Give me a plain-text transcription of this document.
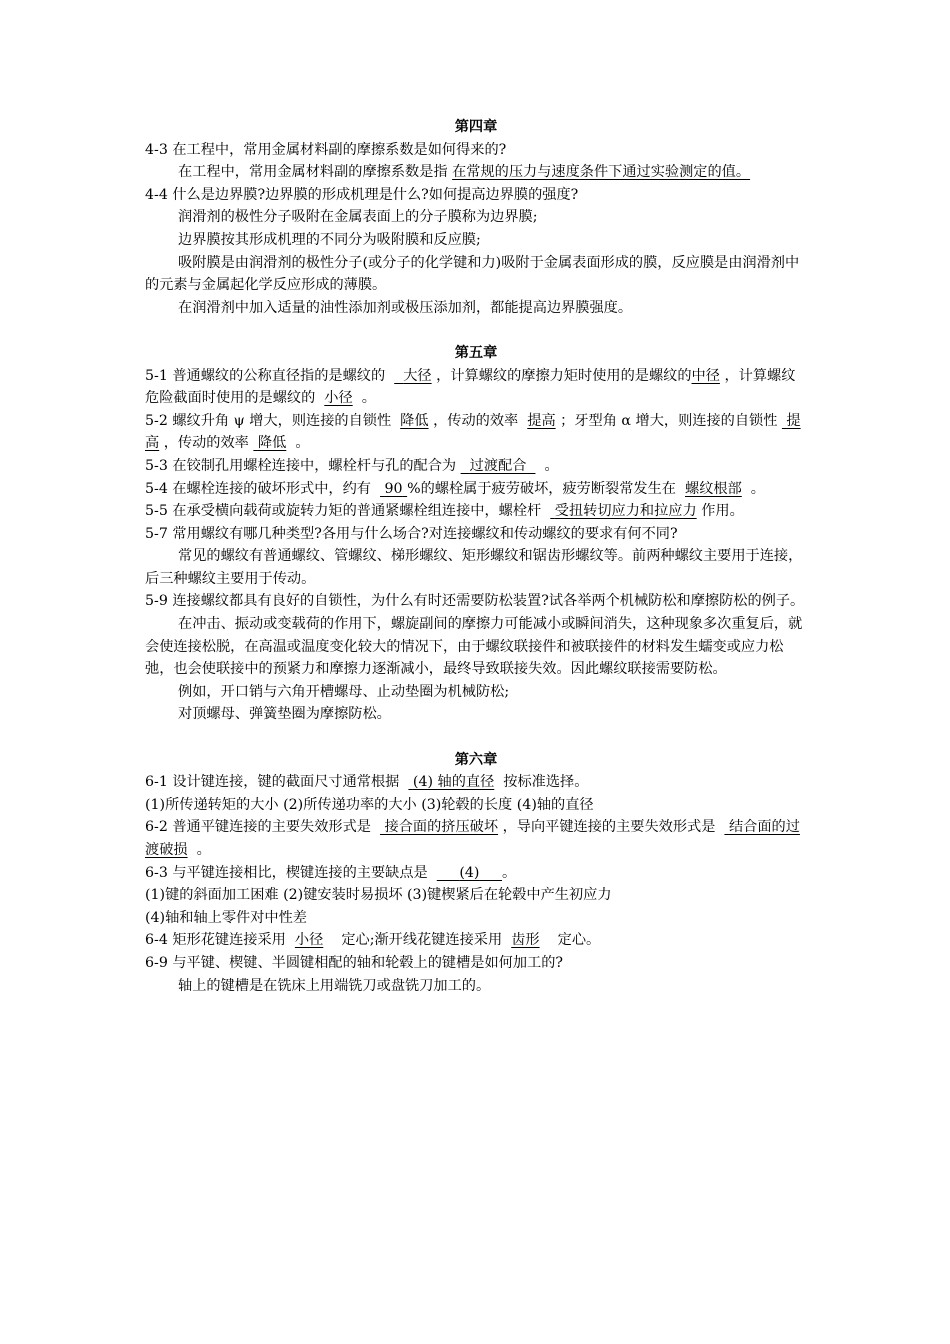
第四章

4-3 在工程中，常用金属材料副的摩擦系数是如何得来的?

在工程中，常用金属材料副的摩擦系数是指 在常规的压力与速度条件下通过实验测定的值。

4-4 什么是边界膜?边界膜的形成机理是什么?如何提高边界膜的强度?

润滑剂的极性分子吸附在金属表面上的分子膜称为边界膜;

边界膜按其形成机理的不同分为吸附膜和反应膜;

吸附膜是由润滑剂的极性分子(或分子的化学键和力)吸附于金属表面形成的膜，反应膜是由润滑剂中的元素与金属起化学反应形成的薄膜。

在润滑剂中加入适量的油性添加剂或极压添加剂，都能提高边界膜强度。

第五章

5-1 普通螺纹的公称直径指的是螺纹的 大径 ，计算螺纹的摩擦力矩时使用的是螺纹的中径 ，计算螺纹危险截面时使用的是螺纹的 小径 。

5-2 螺纹升角 ψ 增大，则连接的自锁性 降低 ，传动的效率 提高 ；牙型角 α 增大，则连接的自锁性 提高 ，传动的效率 降低 。

5-3 在铰制孔用螺栓连接中，螺栓杆与孔的配合为 过渡配合 。

5-4 在螺栓连接的破坏形式中，约有 90 %的螺栓属于疲劳破坏，疲劳断裂常发生在 螺纹根部 。

5-5 在承受横向载荷或旋转力矩的普通紧螺栓组连接中，螺栓杆 受扭转切应力和拉应力 作用。

5-7 常用螺纹有哪几种类型?各用与什么场合?对连接螺纹和传动螺纹的要求有何不同?

常见的螺纹有普通螺纹、管螺纹、梯形螺纹、矩形螺纹和锯齿形螺纹等。前两种螺纹主要用于连接，后三种螺纹主要用于传动。

5-9 连接螺纹都具有良好的自锁性，为什么有时还需要防松装置?试各举两个机械防松和摩擦防松的例子。

在冲击、振动或变载荷的作用下，螺旋副间的摩擦力可能减小或瞬间消失，这种现象多次重复后，就会使连接松脱，在高温或温度变化较大的情况下，由于螺纹联接件和被联接件的材料发生蠕变或应力松弛，也会使联接中的预紧力和摩擦力逐渐减小，最终导致联接失效。因此螺纹联接需要防松。

例如，开口销与六角开槽螺母、止动垫圈为机械防松;

对顶螺母、弹簧垫圈为摩擦防松。

第六章

6-1 设计键连接，键的截面尺寸通常根据 (4) 轴的直径 按标准选择。

(1)所传递转矩的大小 (2)所传递功率的大小 (3)轮毂的长度 (4)轴的直径

6-2 普通平键连接的主要失效形式是 接合面的挤压破坏 ，导向平键连接的主要失效形式是 结合面的过渡破损 。

6-3 与平键连接相比，楔键连接的主要缺点是 (4) 。

(1)键的斜面加工困难 (2)键安装时易损坏 (3)键楔紧后在轮毂中产生初应力

(4)轴和轴上零件对中性差

6-4 矩形花键连接采用 小径 定心;渐开线花键连接采用 齿形 定心。

6-9 与平键、楔键、半圆键相配的轴和轮毂上的键槽是如何加工的?

轴上的键槽是在铣床上用端铣刀或盘铣刀加工的。
